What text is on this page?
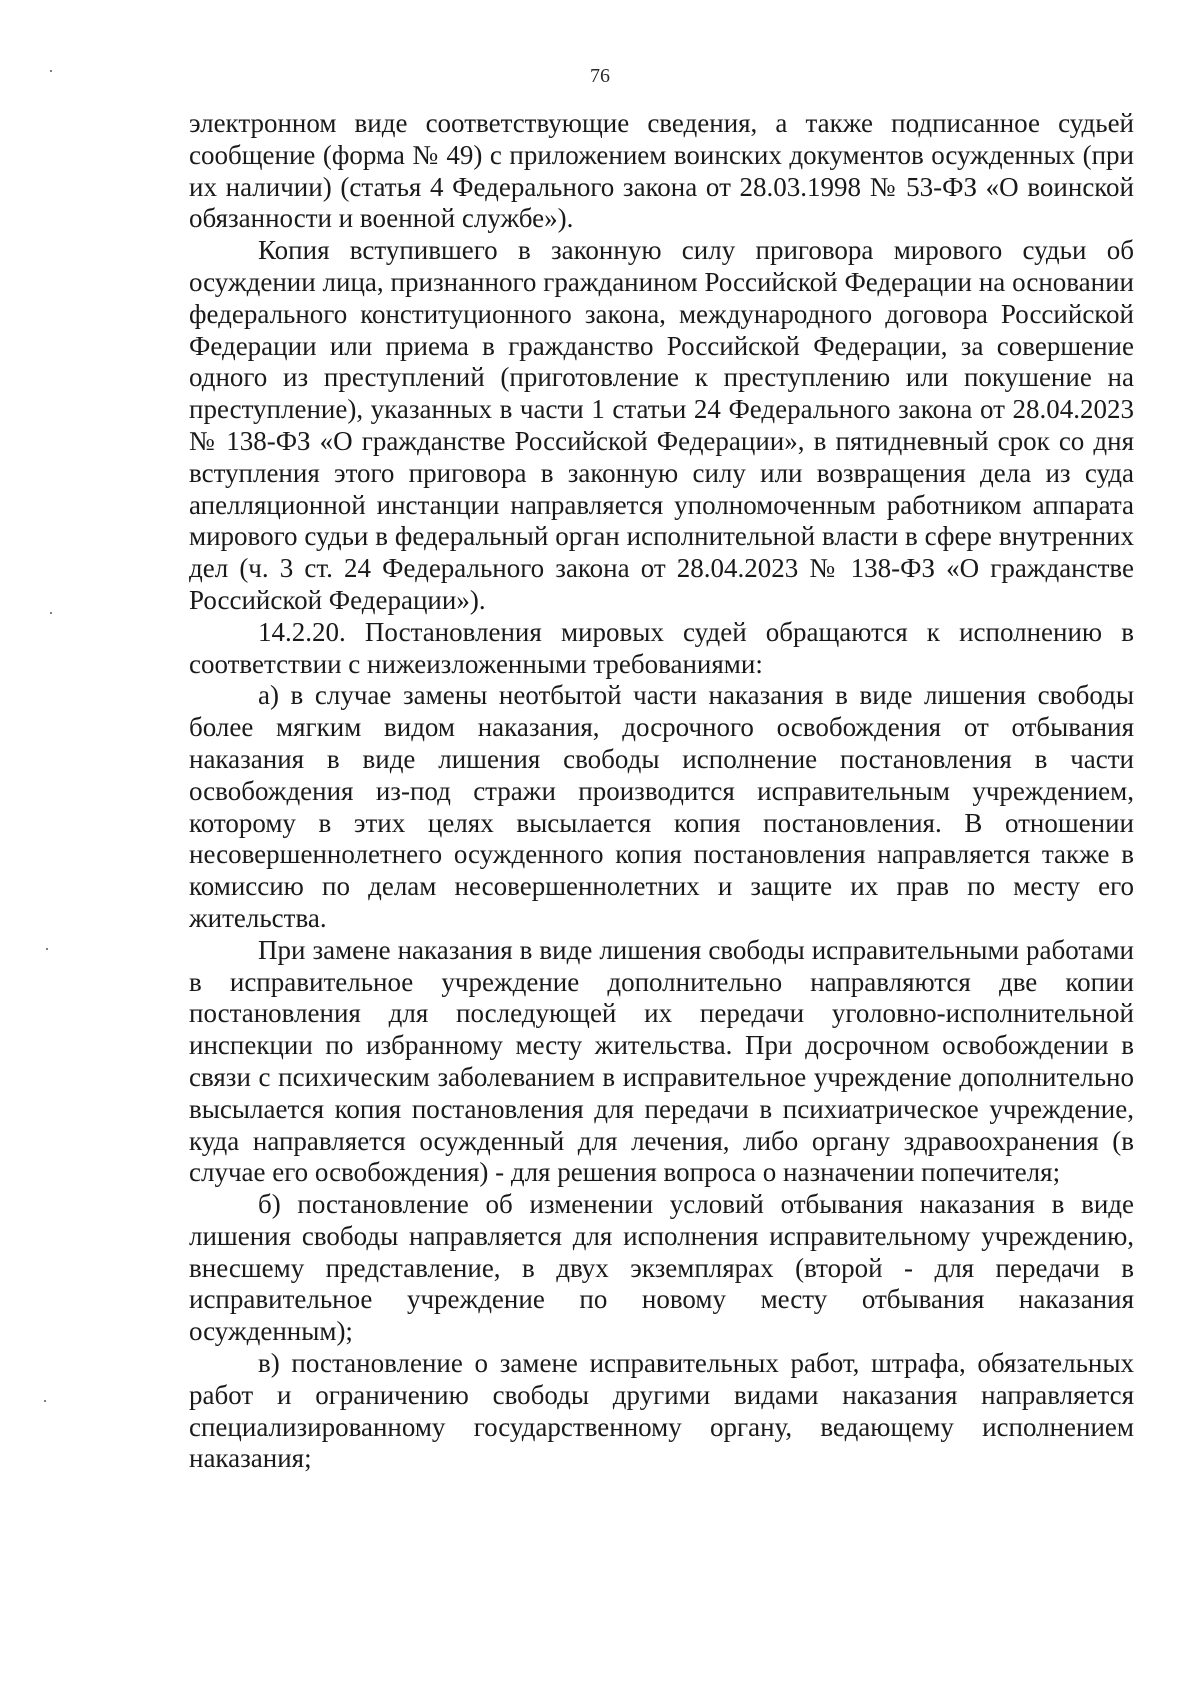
76

электронном виде соответствующие сведения, а также подписанное судьей сообщение (форма № 49) с приложением воинских документов осужденных (при их наличии) (статья 4 Федерального закона от 28.03.1998 № 53-ФЗ «О воинской обязанности и военной службе»).

Копия вступившего в законную силу приговора мирового судьи об осуждении лица, признанного гражданином Российской Федерации на основании федерального конституционного закона, международного договора Российской Федерации или приема в гражданство Российской Федерации, за совершение одного из преступлений (приготовление к преступлению или покушение на преступление), указанных в части 1 статьи 24 Федерального закона от 28.04.2023 № 138-ФЗ «О гражданстве Российской Федерации», в пятидневный срок со дня вступления этого приговора в законную силу или возвращения дела из суда апелляционной инстанции направляется уполномоченным работником аппарата мирового судьи в федеральный орган исполнительной власти в сфере внутренних дел (ч. 3 ст. 24 Федерального закона от 28.04.2023 № 138-ФЗ «О гражданстве Российской Федерации»).

14.2.20. Постановления мировых судей обращаются к исполнению в соответствии с нижеизложенными требованиями:

а) в случае замены неотбытой части наказания в виде лишения свободы более мягким видом наказания, досрочного освобождения от отбывания наказания в виде лишения свободы исполнение постановления в части освобождения из-под стражи производится исправительным учреждением, которому в этих целях высылается копия постановления. В отношении несовершеннолетнего осужденного копия постановления направляется также в комиссию по делам несовершеннолетних и защите их прав по месту его жительства.

При замене наказания в виде лишения свободы исправительными работами в исправительное учреждение дополнительно направляются две копии постановления для последующей их передачи уголовно-исполнительной инспекции по избранному месту жительства. При досрочном освобождении в связи с психическим заболеванием в исправительное учреждение дополнительно высылается копия постановления для передачи в психиатрическое учреждение, куда направляется осужденный для лечения, либо органу здравоохранения (в случае его освобождения) - для решения вопроса о назначении попечителя;

б) постановление об изменении условий отбывания наказания в виде лишения свободы направляется для исполнения исправительному учреждению, внесшему представление, в двух экземплярах (второй - для передачи в исправительное учреждение по новому месту отбывания наказания осужденным);

в) постановление о замене исправительных работ, штрафа, обязательных работ и ограничению свободы другими видами наказания направляется специализированному государственному органу, ведающему исполнением наказания;
